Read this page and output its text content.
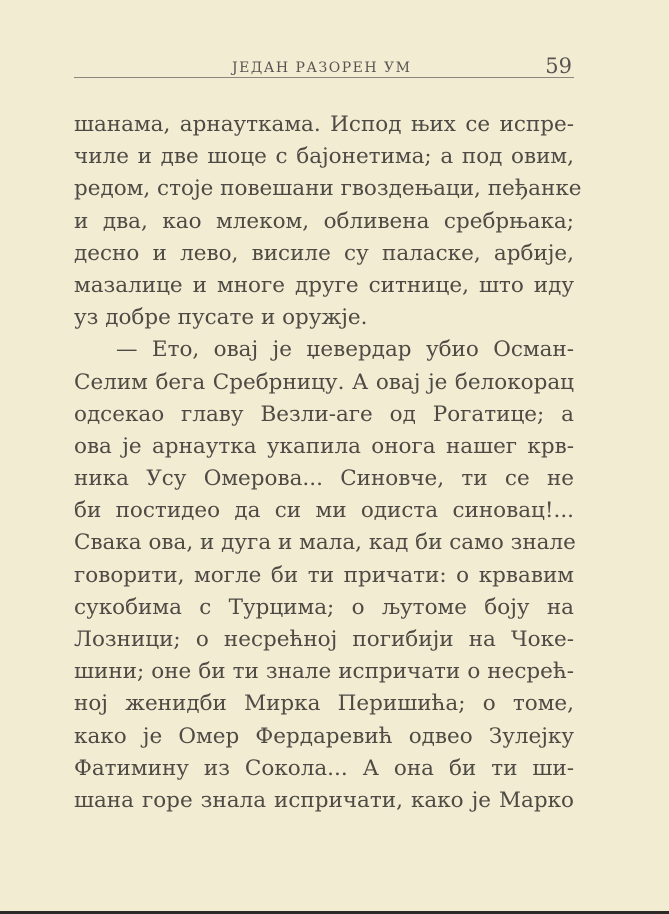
ЈЕДАН РАЗОРЕН УМ	59
шанама, арнауткама. Испод њих се испре-
чиле и две шоце с бајонетима; а под овим,
редом, стоје повешани гвоздењаци, пеђанке
и два, као млеком, обливена сребрњака;
десно и лево, висиле су паласке, арбије,
мазалице и многе друге ситнице, што иду
уз добре пусате и оружје.
— Ето, овај је џевердар убио Осман-
Селим бега Сребрницу. А овај је белокорац
одсекао главу Везли-аге од Рогатице; а
ова је арнаутка укапила онога нашег крв-
ника Усу Омерова... Синовче, ти се не
би постидео да си ми одиста синовац!...
Свака ова, и дуга и мала, кад би само знале
говорити, могле би ти причати: о крвавим
сукобима с Турцима; о љутоме боју на
Лозници; о несрећној погибији на Чоке-
шини; оне би ти знале испричати о несрећ-
ној женидби Мирка Перишића; о томе,
како је Омер Фердаревић одвео Зулејку
Фатимину из Сокола... А она би ти ши-
шана горе знала испричати, како је Марко
